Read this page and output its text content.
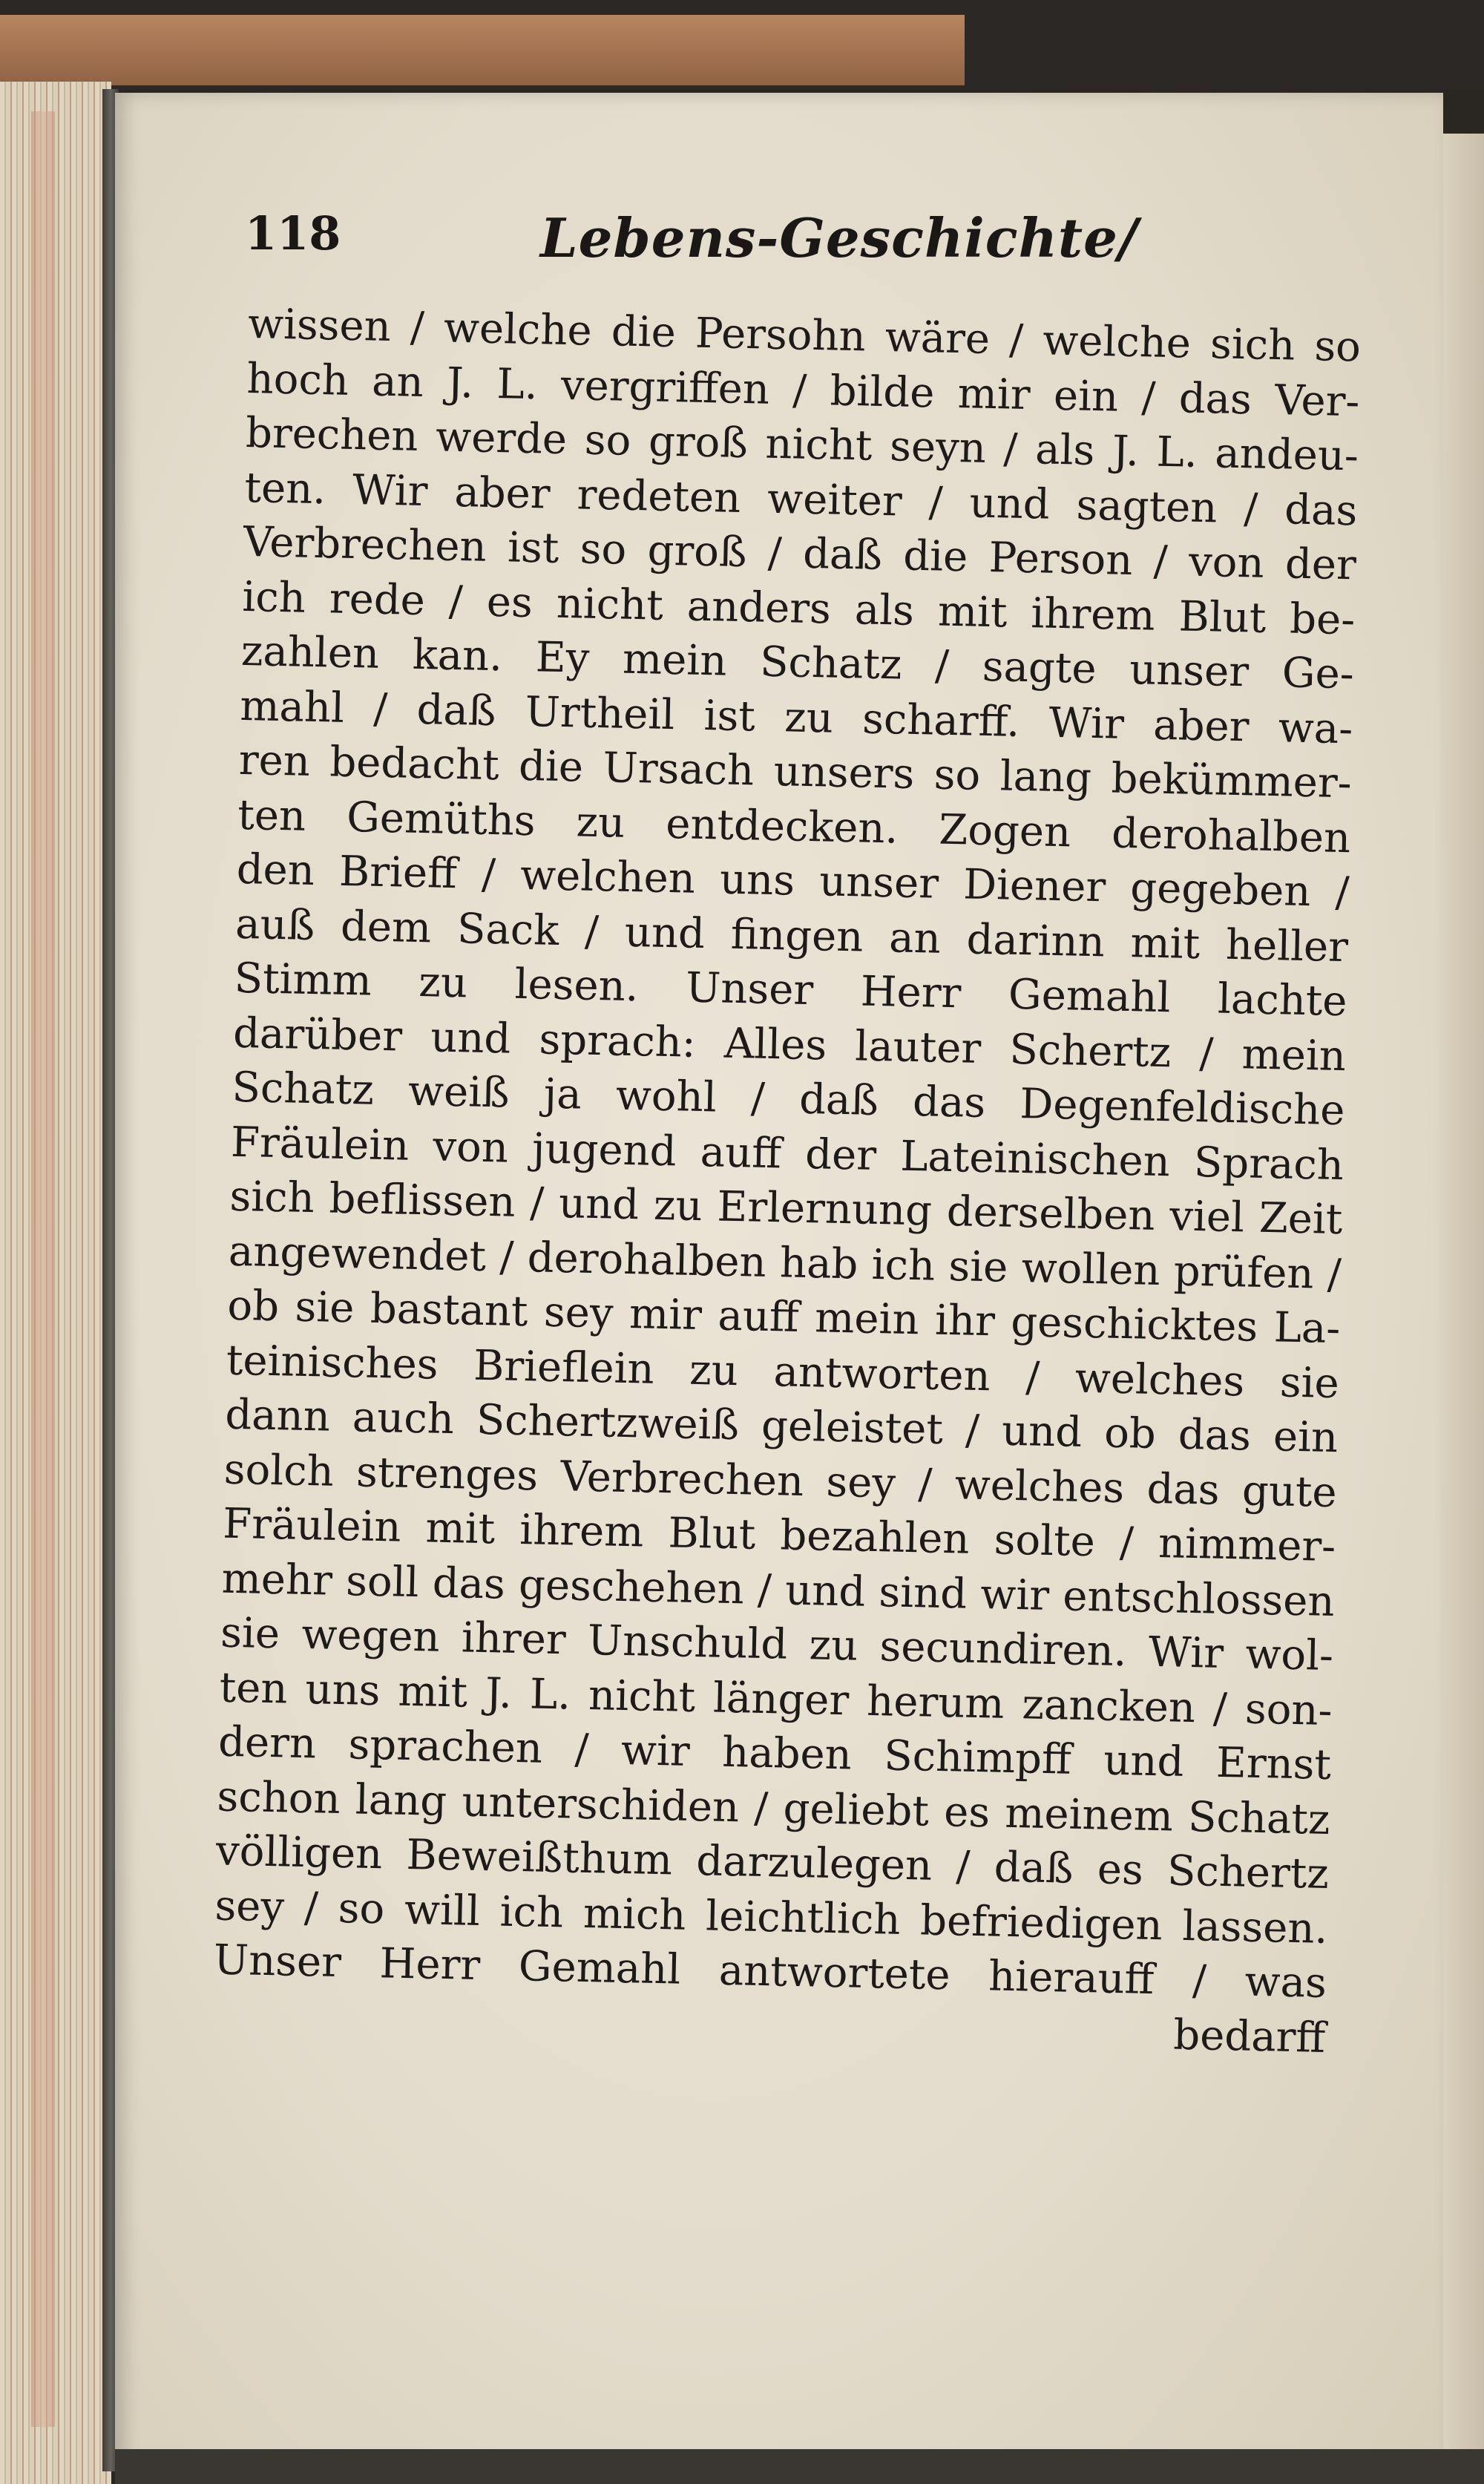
118	Lebens-Geschichte/
wissen / welche die Persohn wäre / welche sich so
hoch an J. L. vergriffen / bilde mir ein / das Ver-
brechen werde so groß nicht seyn / als J. L. andeu-
ten. Wir aber redeten weiter / und sagten / das
Verbrechen ist so groß / daß die Person / von der
ich rede / es nicht anders als mit ihrem Blut be-
zahlen kan. Ey mein Schatz / sagte unser Ge-
mahl / daß Urtheil ist zu scharff. Wir aber wa-
ren bedacht die Ursach unsers so lang bekümmer-
ten Gemüths zu entdecken. Zogen derohalben
den Brieff / welchen uns unser Diener gegeben /
auß dem Sack / und fingen an darinn mit heller
Stimm zu lesen. Unser Herr Gemahl lachte
darüber und sprach: Alles lauter Schertz / mein
Schatz weiß ja wohl / daß das Degenfeldische
Fräulein von jugend auff der Lateinischen Sprach
sich beflissen / und zu Erlernung derselben viel Zeit
angewendet / derohalben hab ich sie wollen prüfen /
ob sie bastant sey mir auff mein ihr geschicktes La-
teinisches Brieflein zu antworten / welches sie
dann auch Schertzweiß geleistet / und ob das ein
solch strenges Verbrechen sey / welches das gute
Fräulein mit ihrem Blut bezahlen solte / nimmer-
mehr soll das geschehen / und sind wir entschlossen
sie wegen ihrer Unschuld zu secundiren. Wir wol-
ten uns mit J. L. nicht länger herum zancken / son-
dern sprachen / wir haben Schimpff und Ernst
schon lang unterschiden / geliebt es meinem Schatz
völligen Beweißthum darzulegen / daß es Schertz
sey / so will ich mich leichtlich befriedigen lassen.
Unser Herr Gemahl antwortete hierauff / was
bedarff
